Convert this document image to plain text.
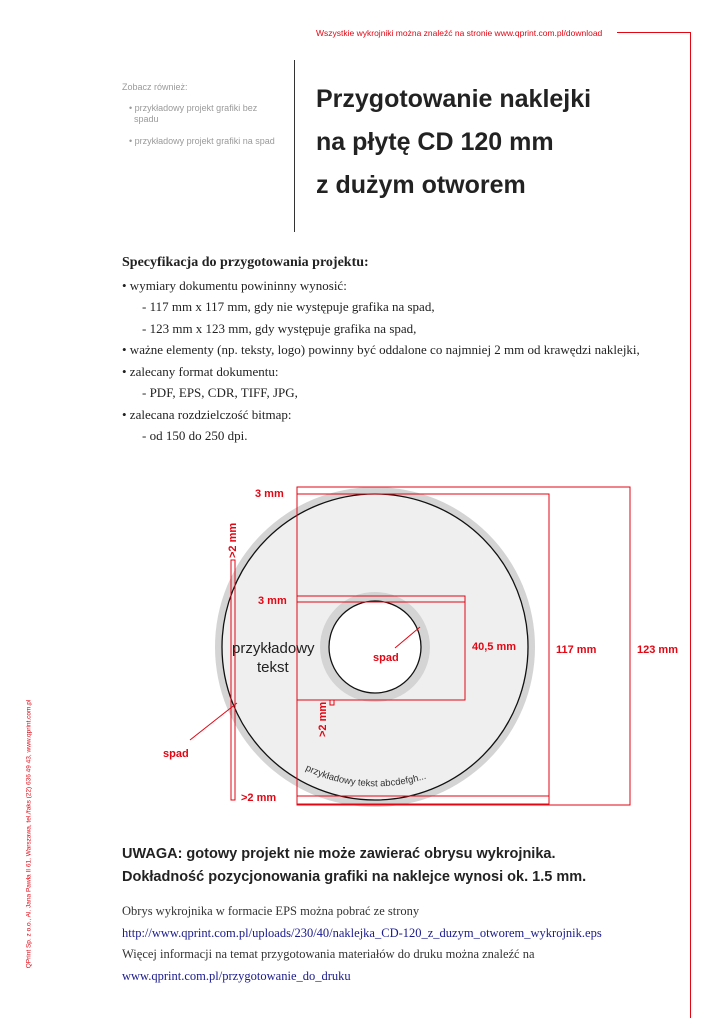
Wszystkie wykrojniki można znaleźć na stronie www.qprint.com.pl/download
Zobacz również:
• przykładowy projekt grafiki bez spadu
• przykładowy projekt grafiki na spad
Przygotowanie naklejki
na płytę CD 120 mm
z dużym otworem
Specyfikacja do przygotowania projektu:
• wymiary dokumentu powininny wynosić:
- 117 mm x 117 mm, gdy nie występuje grafika na spad,
- 123 mm x 123 mm, gdy występuje grafika na spad,
• ważne elementy (np. teksty, logo) powinny być oddalone co najmniej 2 mm od krawędzi naklejki,
• zalecany format dokumentu:
- PDF, EPS, CDR, TIFF, JPG,
• zalecana rozdzielczość bitmap:
- od 150 do 250 dpi.
3 mm
3 mm
spad
40,5 mm	117 mm	123 mm
spad
>2 mm
>2 mm
>2 mm
przykładowy
tekst
przykładowy tekst abcdefgh...
UWAGA: gotowy projekt nie może zawierać obrysu wykrojnika.
Dokładność pozycjonowania grafiki na naklejce wynosi ok. 1.5 mm.
Obrys wykrojnika w formacie EPS można pobrać ze strony
http://www.qprint.com.pl/uploads/230/40/naklejka_CD-120_z_duzym_otworem_wykrojnik.eps
Więcej informacji na temat przygotowania materiałów do druku można znaleźć na
www.qprint.com.pl/przygotowanie_do_druku
QPrint Sp. z o.o., Al. Jana Pawła II 61, Warszawa, tel./faks (22) 636 49 43, www.qprint.com.pl
